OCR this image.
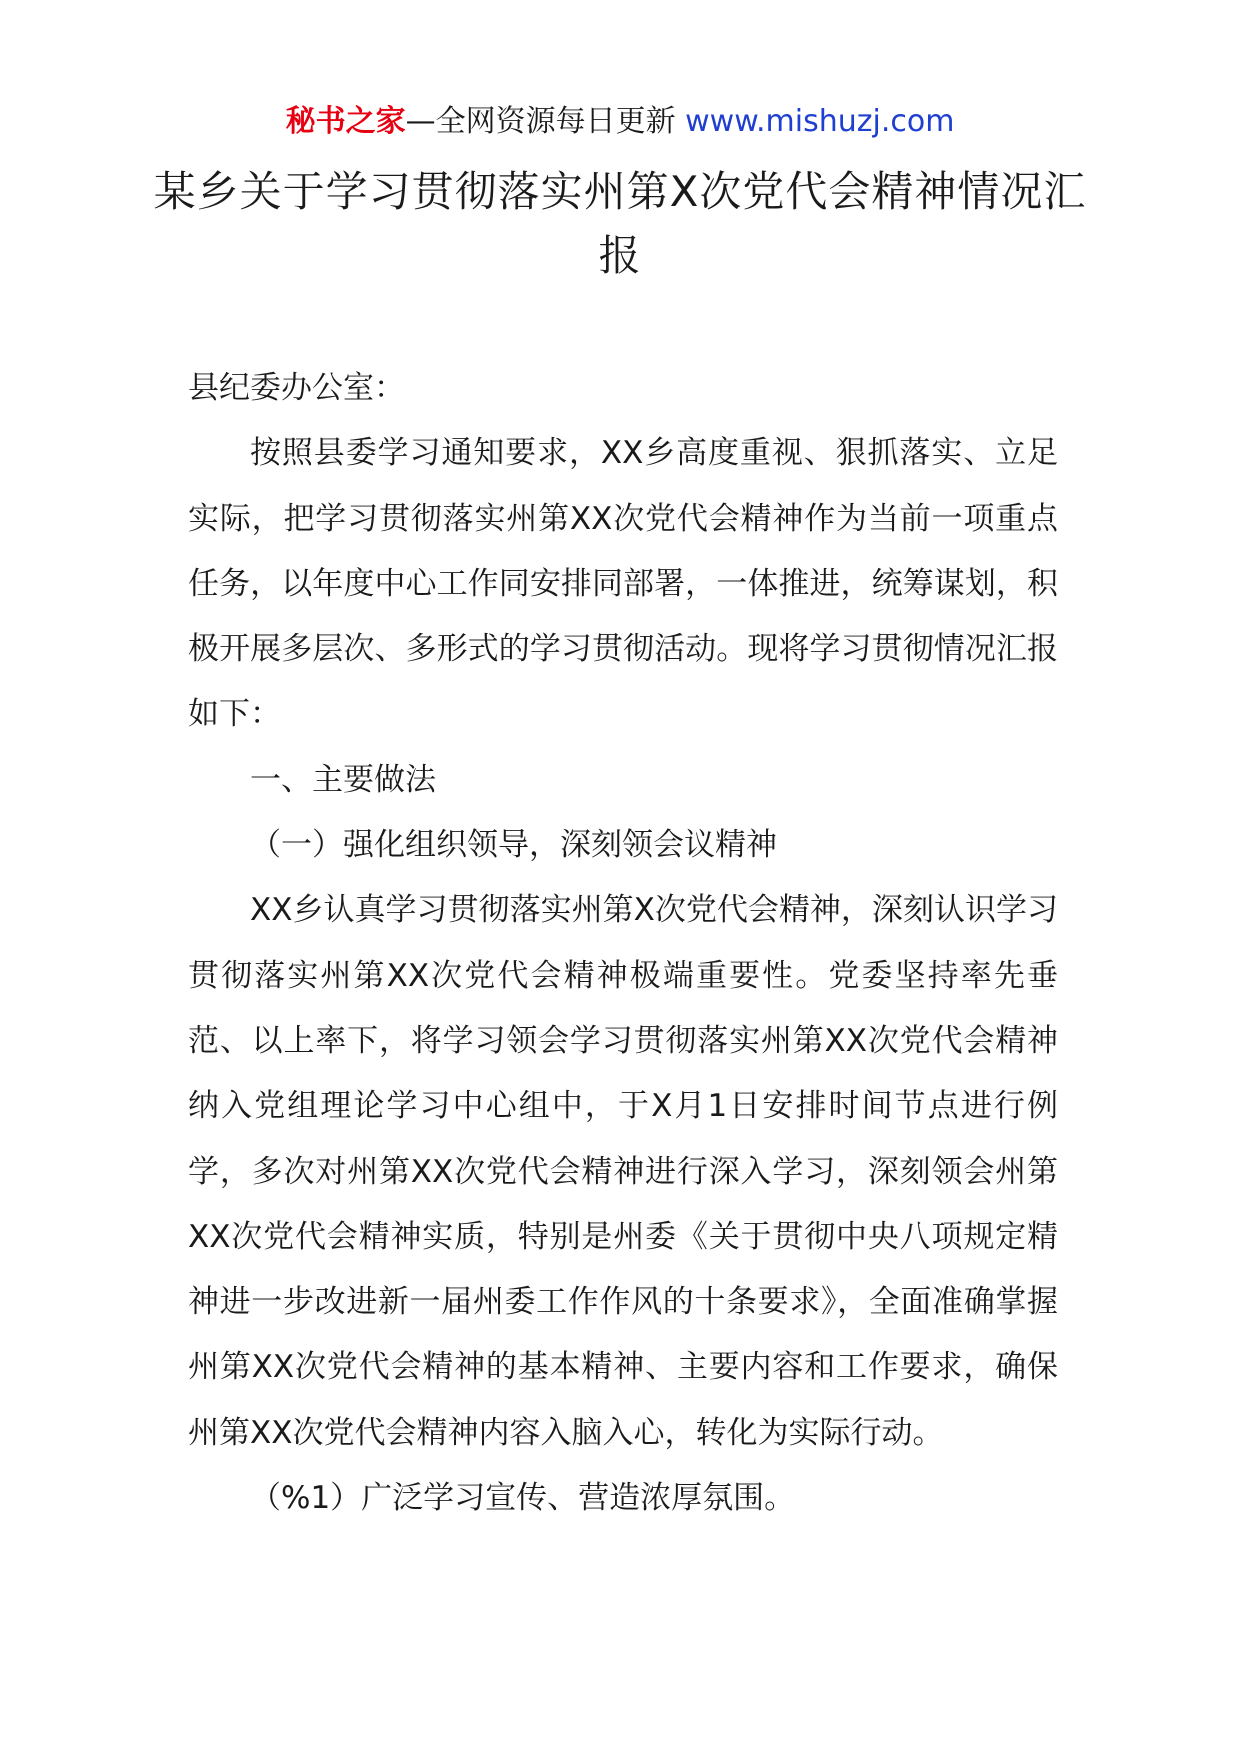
秘书之家—全网资源每日更新 www.mishuzj.com
某乡关于学习贯彻落实州第Ⅹ次党代会精神情况汇报

县纪委办公室：

按照县委学习通知要求，XX乡高度重视、狠抓落实、立足实际，把学习贯彻落实州第XX次党代会精神作为当前一项重点任务，以年度中心工作同安排同部署，一体推进，统筹谋划，积极开展多层次、多形式的学习贯彻活动。现将学习贯彻情况汇报如下：

一、主要做法

（一）强化组织领导，深刻领会议精神

XX乡认真学习贯彻落实州第Ⅹ次党代会精神，深刻认识学习贯彻落实州第XX次党代会精神极端重要性。党委坚持率先垂范、以上率下，将学习领会学习贯彻落实州第XX次党代会精神纳入党组理论学习中心组中，于Ⅹ月1日安排时间节点进行例学，多次对州第XX次党代会精神进行深入学习，深刻领会州第XX次党代会精神实质，特别是州委《关于贯彻中央八项规定精神进一步改进新一届州委工作作风的十条要求》，全面准确掌握州第XX次党代会精神的基本精神、主要内容和工作要求，确保州第XX次党代会精神内容入脑入心，转化为实际行动。

（%1）广泛学习宣传、营造浓厚氛围。
